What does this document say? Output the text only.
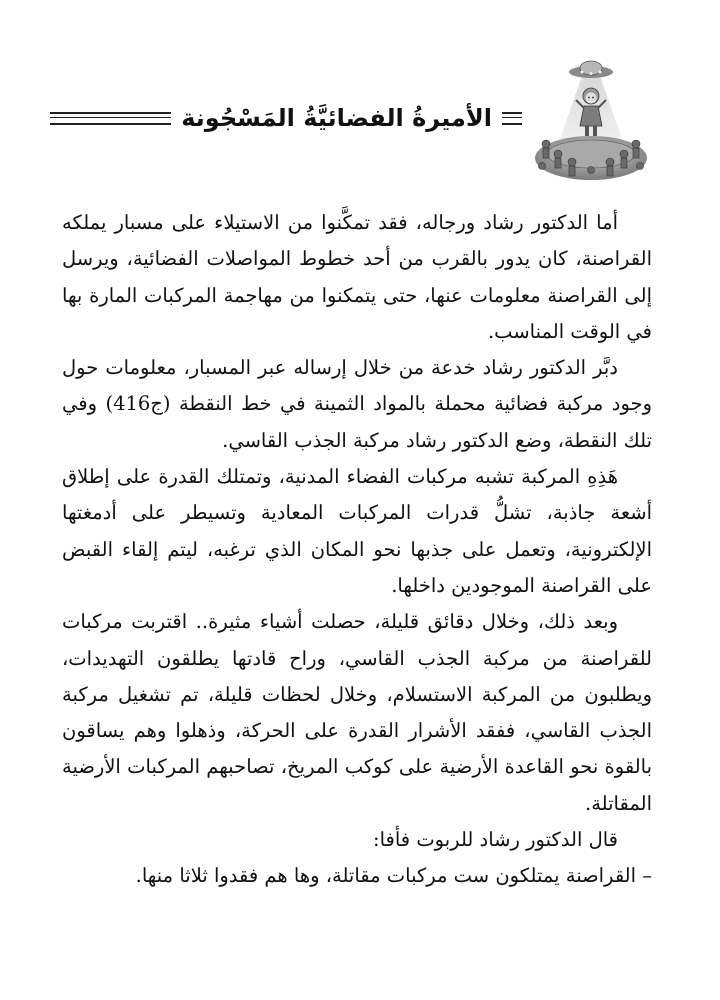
الأميرةُ الفضائيَّةُ المَسْجُونة

أما الدكتور رشاد ورجاله، فقد تمكَّنوا من الاستيلاء على مسبار يملكه القراصنة، كان يدور بالقرب من أحد خطوط المواصلات الفضائية، ويرسل إلى القراصنة معلومات عنها، حتى يتمكنوا من مهاجمة المركبات المارة بها في الوقت المناسب.

دبَّر الدكتور رشاد خدعة من خلال إرساله عبر المسبار، معلومات حول وجود مركبة فضائية محملة بالمواد الثمينة في خط النقطة (ج416) وفي تلك النقطة، وضع الدكتور رشاد مركبة الجذب القاسي.

هَذِهِ المركبة تشبه مركبات الفضاء المدنية، وتمتلك القدرة على إطلاق أشعة جاذبة، تشلُّ قدرات المركبات المعادية وتسيطر على أدمغتها الإلكترونية، وتعمل على جذبها نحو المكان الذي ترغبه، ليتم إلقاء القبض على القراصنة الموجودين داخلها.

وبعد ذلك، وخلال دقائق قليلة، حصلت أشياء مثيرة.. اقتربت مركبات للقراصنة من مركبة الجذب القاسي، وراح قادتها يطلقون التهديدات، ويطلبون من المركبة الاستسلام، وخلال لحظات قليلة، تم تشغيل مركبة الجذب القاسي، ففقد الأشرار القدرة على الحركة، وذهلوا وهم يساقون بالقوة نحو القاعدة الأرضية على كوكب المريخ، تصاحبهم المركبات الأرضية المقاتلة.

قال الدكتور رشاد للربوت فأفا:

– القراصنة يمتلكون ست مركبات مقاتلة، وها هم فقدوا ثلاثا منها.
